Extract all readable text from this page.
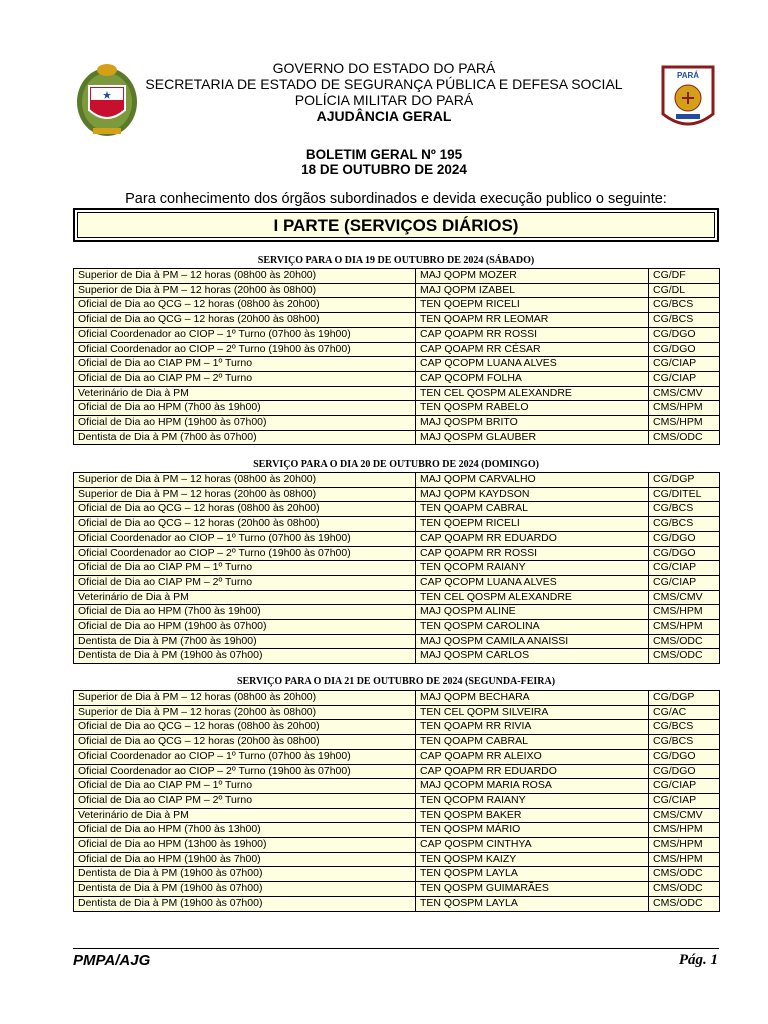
PARÁ
GOVERNO DO ESTADO DO PARÁ
SECRETARIA DE ESTADO DE SEGURANÇA PÚBLICA E DEFESA SOCIAL
POLÍCIA MILITAR DO PARÁ
AJUDÂNCIA GERAL
BOLETIM GERAL Nº 195
18 DE OUTUBRO DE 2024
Para conhecimento dos órgãos subordinados e devida execução publico o seguinte:
I PARTE (SERVIÇOS DIÁRIOS)
SERVIÇO PARA O DIA 19 DE OUTUBRO DE 2024 (SÁBADO)
Superior de Dia à PM – 12 horas (08h00 às 20h00)	MAJ QOPM MOZER	CG/DF
Superior de Dia à PM – 12 horas (20h00 às 08h00)	MAJ QOPM IZABEL	CG/DL
Oficial de Dia ao QCG – 12 horas (08h00 às 20h00)	TEN QOEPM RICELI	CG/BCS
Oficial de Dia ao QCG – 12 horas (20h00 às 08h00)	TEN QOAPM RR LEOMAR	CG/BCS
Oficial Coordenador ao CIOP – 1º Turno (07h00 às 19h00)	CAP QOAPM RR ROSSI	CG/DGO
Oficial Coordenador ao CIOP – 2º Turno (19h00 às 07h00)	CAP QOAPM RR CÉSAR	CG/DGO
Oficial de Dia ao CIAP PM – 1º Turno	CAP QCOPM LUANA ALVES	CG/CIAP
Oficial de Dia ao CIAP PM – 2º Turno	CAP QCOPM FOLHA	CG/CIAP
Veterinário de Dia à PM	TEN CEL QOSPM ALEXANDRE	CMS/CMV
Oficial de Dia ao HPM (7h00 às 19h00)	TEN QOSPM RABELO	CMS/HPM
Oficial de Dia ao HPM (19h00 às 07h00)	MAJ QOSPM BRITO	CMS/HPM
Dentista de Dia à PM (7h00 às 07h00)	MAJ QOSPM GLAUBER	CMS/ODC
SERVIÇO PARA O DIA 20 DE OUTUBRO DE 2024 (DOMINGO)
Superior de Dia à PM – 12 horas (08h00 às 20h00)	MAJ QOPM CARVALHO	CG/DGP
Superior de Dia à PM – 12 horas (20h00 às 08h00)	MAJ QOPM KAYDSON	CG/DITEL
Oficial de Dia ao QCG – 12 horas (08h00 às 20h00)	TEN QOAPM CABRAL	CG/BCS
Oficial de Dia ao QCG – 12 horas (20h00 às 08h00)	TEN QOEPM RICELI	CG/BCS
Oficial Coordenador ao CIOP – 1º Turno (07h00 às 19h00)	CAP QOAPM RR EDUARDO	CG/DGO
Oficial Coordenador ao CIOP – 2º Turno (19h00 às 07h00)	CAP QOAPM RR ROSSI	CG/DGO
Oficial de Dia ao CIAP PM – 1º Turno	TEN QCOPM RAIANY	CG/CIAP
Oficial de Dia ao CIAP PM – 2º Turno	CAP QCOPM LUANA ALVES	CG/CIAP
Veterinário de Dia à PM	TEN CEL QOSPM ALEXANDRE	CMS/CMV
Oficial de Dia ao HPM (7h00 às 19h00)	MAJ QOSPM ALINE	CMS/HPM
Oficial de Dia ao HPM (19h00 às 07h00)	TEN QOSPM CAROLINA	CMS/HPM
Dentista de Dia à PM (7h00 às 19h00)	MAJ QOSPM CAMILA ANAISSI	CMS/ODC
Dentista de Dia à PM (19h00 às 07h00)	MAJ QOSPM CARLOS	CMS/ODC
SERVIÇO PARA O DIA 21 DE OUTUBRO DE 2024 (SEGUNDA-FEIRA)
Superior de Dia à PM – 12 horas (08h00 às 20h00)	MAJ QOPM BECHARA	CG/DGP
Superior de Dia à PM – 12 horas (20h00 às 08h00)	TEN CEL QOPM SILVEIRA	CG/AC
Oficial de Dia ao QCG – 12 horas (08h00 às 20h00)	TEN QOAPM RR RIVIA	CG/BCS
Oficial de Dia ao QCG – 12 horas (20h00 às 08h00)	TEN QOAPM CABRAL	CG/BCS
Oficial Coordenador ao CIOP – 1º Turno (07h00 às 19h00)	CAP QOAPM RR ALEIXO	CG/DGO
Oficial Coordenador ao CIOP – 2º Turno (19h00 às 07h00)	CAP QOAPM RR EDUARDO	CG/DGO
Oficial de Dia ao CIAP PM – 1º Turno	MAJ QCOPM MARIA ROSA	CG/CIAP
Oficial de Dia ao CIAP PM – 2º Turno	TEN QCOPM RAIANY	CG/CIAP
Veterinário de Dia à PM	TEN QOSPM BAKER	CMS/CMV
Oficial de Dia ao HPM (7h00 às 13h00)	TEN QOSPM MÁRIO	CMS/HPM
Oficial de Dia ao HPM (13h00 às 19h00)	CAP QOSPM CINTHYA	CMS/HPM
Oficial de Dia ao HPM (19h00 às 7h00)	TEN QOSPM KAIZY	CMS/HPM
Dentista de Dia à PM (19h00 às 07h00)	TEN QOSPM LAYLA	CMS/ODC
Dentista de Dia à PM (19h00 às 07h00)	TEN QOSPM GUIMARÃES	CMS/ODC
Dentista de Dia à PM (19h00 às 07h00)	TEN QOSPM LAYLA	CMS/ODC
PMPA/AJG	Pág. 1
